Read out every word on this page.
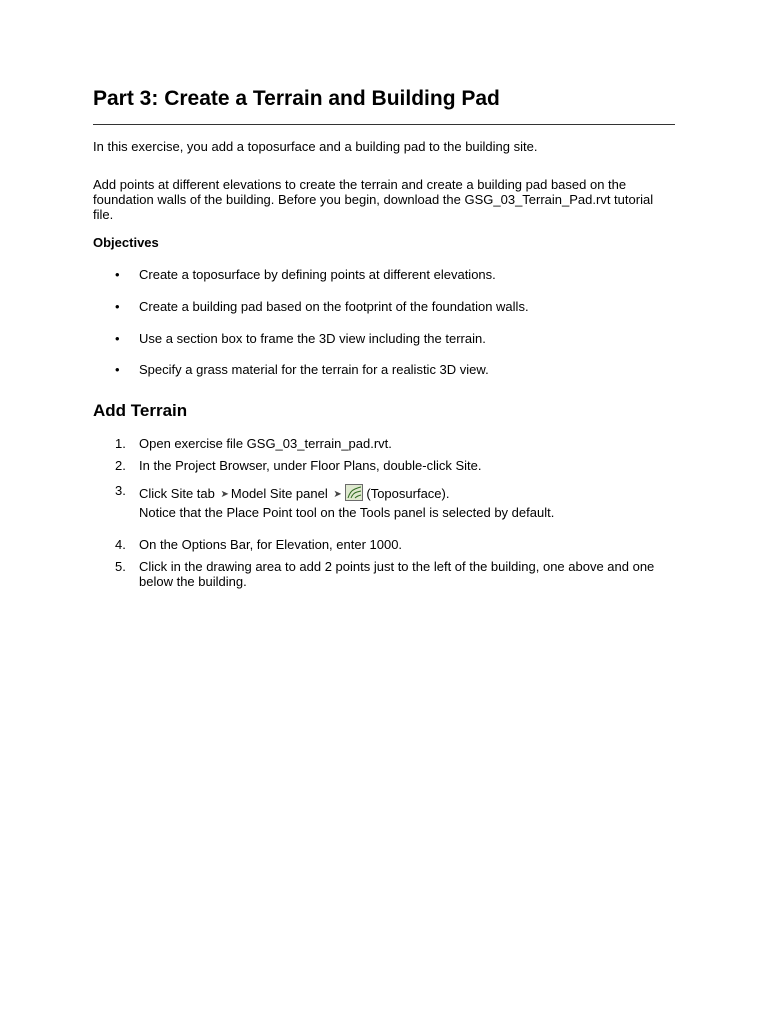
Part 3: Create a Terrain and Building Pad

In this exercise, you add a toposurface and a building pad to the building site.

Add points at different elevations to create the terrain and create a building pad based on the foundation walls of the building. Before you begin, download the GSG_03_Terrain_Pad.rvt tutorial file.

Objectives

• Create a toposurface by defining points at different elevations.
• Create a building pad based on the footprint of the foundation walls.
• Use a section box to frame the 3D view including the terrain.
• Specify a grass material for the terrain for a realistic 3D view.
Add Terrain
1. Open exercise file GSG_03_terrain_pad.rvt.
2. In the Project Browser, under Floor Plans, double-click Site.
3. Click Site tab ➤ Model Site panel ➤ (Toposurface).
Notice that the Place Point tool on the Tools panel is selected by default.
4. On the Options Bar, for Elevation, enter 1000.
5. Click in the drawing area to add 2 points just to the left of the building, one above and one below the building.
